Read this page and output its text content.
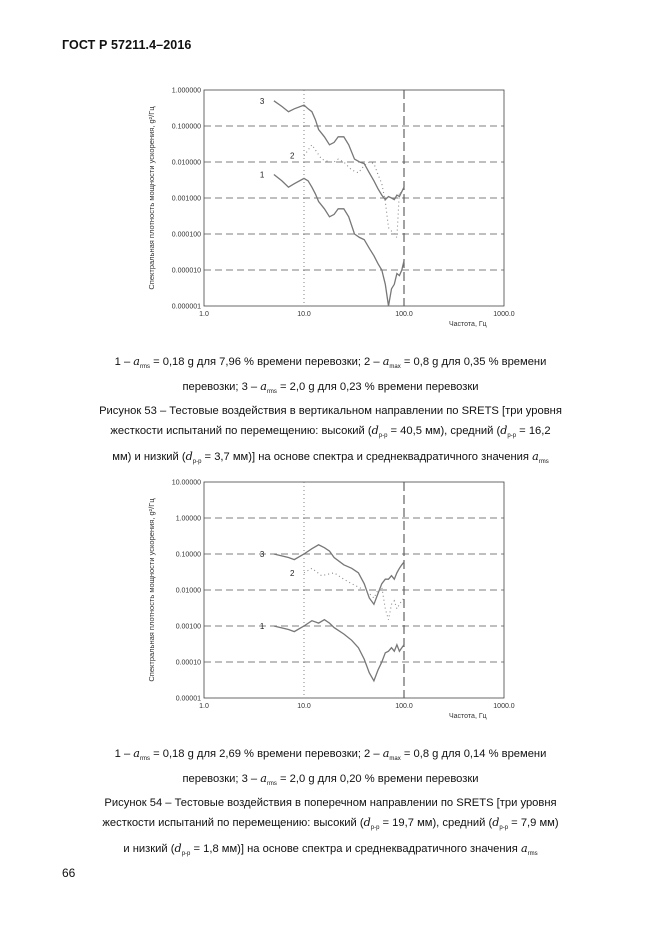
ГОСТ Р 57211.4–2016
0.000001
0.000010
0.000100
0.001000
0.010000
0.100000
1.000000
1.0	10.0	100.0	1000.0
Частота, Гц
Спектральная плотность мощности ускорения, g²/Гц
3
2
1
$1 - a_{rms} = 0,18$ g для 7,96 % времени перевозки; $2 - a_{max} = 0,8$ g для 0,35 % времени
перевозки; $3 - a_{rms} = 2,0$ g для 0,23 % времени перевозки
Рисунок 53 – Тестовые воздействия в вертикальном направлении по SRETS [три уровня
жесткости испытаний по перемещению: высокий ($d_{p-p} = 40,5$ мм), средний ($d_{p-p} = 16,2$
мм) и низкий ($d_{p-p} = 3,7$ мм)] на основе спектра и среднеквадратичного значения $a_{rms}$
0.00001
0.00010
0.00100
0.01000
0.10000
1.00000
10.00000
1.0	10.0	100.0	1000.0
Частота, Гц
Спектральная плотность мощности ускорения, g²/Гц	3
2
1
$1 - a_{rms} = 0,18$ g для 2,69 % времени перевозки; $2 - a_{max} = 0,8$ g для 0,14 % времени
перевозки; $3 - a_{rms} = 2,0$ g для 0,20 % времени перевозки
Рисунок 54 – Тестовые воздействия в поперечном направлении по SRETS [три уровня
жесткости испытаний по перемещению: высокий ($d_{p-p} = 19,7$ мм), средний ($d_{p-p} = 7,9$ мм)
и низкий ($d_{p-p} = 1,8$ мм)] на основе спектра и среднеквадратичного значения $a_{rms}$
66
